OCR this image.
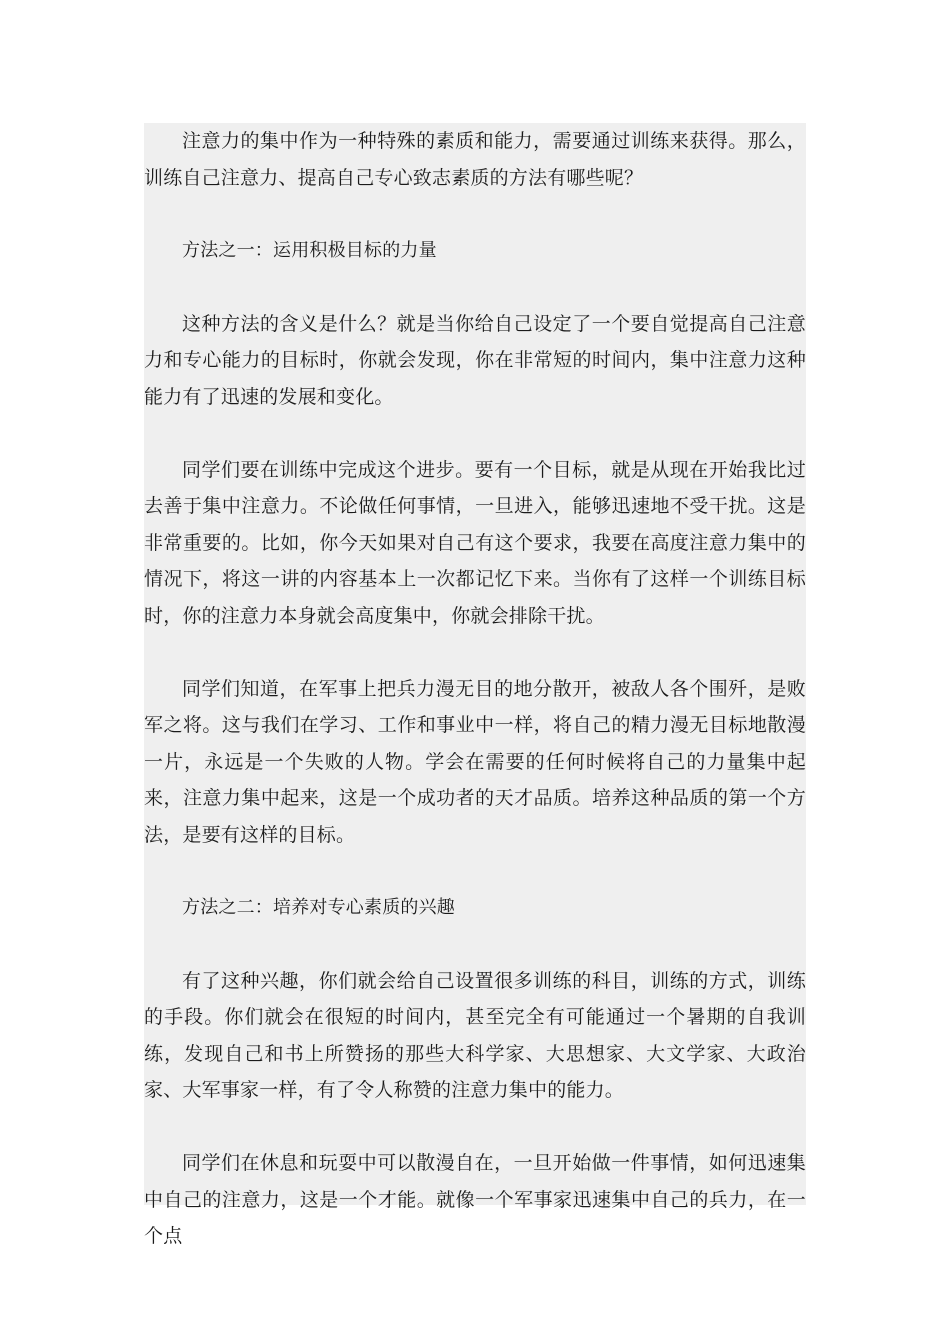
注意力的集中作为一种特殊的素质和能力，需要通过训练来获得。那么，训练自己注意力、提高自己专心致志素质的方法有哪些呢？

方法之一：运用积极目标的力量

这种方法的含义是什么？就是当你给自己设定了一个要自觉提高自己注意力和专心能力的目标时，你就会发现，你在非常短的时间内，集中注意力这种能力有了迅速的发展和变化。

同学们要在训练中完成这个进步。要有一个目标，就是从现在开始我比过去善于集中注意力。不论做任何事情，一旦进入，能够迅速地不受干扰。这是非常重要的。比如，你今天如果对自己有这个要求，我要在高度注意力集中的情况下，将这一讲的内容基本上一次都记忆下来。当你有了这样一个训练目标时，你的注意力本身就会高度集中，你就会排除干扰。

同学们知道，在军事上把兵力漫无目的地分散开，被敌人各个围歼，是败军之将。这与我们在学习、工作和事业中一样，将自己的精力漫无目标地散漫一片，永远是一个失败的人物。学会在需要的任何时候将自己的力量集中起来，注意力集中起来，这是一个成功者的天才品质。培养这种品质的第一个方法，是要有这样的目标。

方法之二：培养对专心素质的兴趣

有了这种兴趣，你们就会给自己设置很多训练的科目，训练的方式，训练的手段。你们就会在很短的时间内，甚至完全有可能通过一个暑期的自我训练，发现自己和书上所赞扬的那些大科学家、大思想家、大文学家、大政治家、大军事家一样，有了令人称赞的注意力集中的能力。

同学们在休息和玩耍中可以散漫自在，一旦开始做一件事情，如何迅速集中自己的注意力，这是一个才能。就像一个军事家迅速集中自己的兵力，在一个点
